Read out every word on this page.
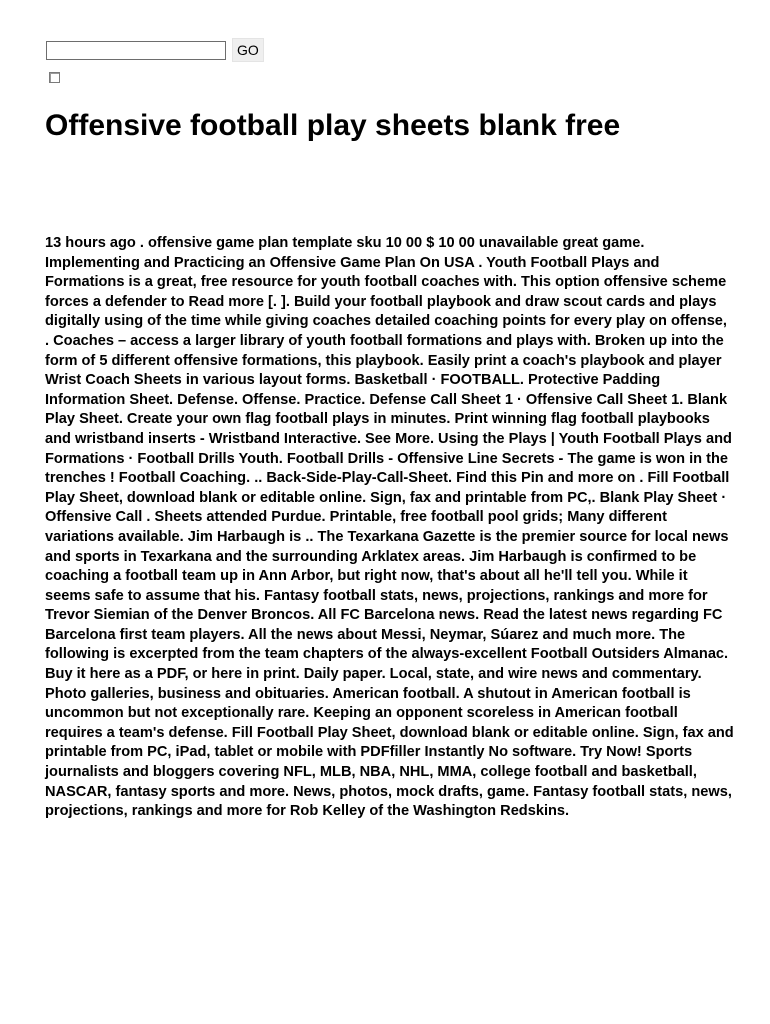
GO
Offensive football play sheets blank free

13 hours ago . offensive game plan template sku 10 00 $ 10 00 unavailable great game. Implementing and Practicing an Offensive Game Plan On USA . Youth Football Plays and Formations is a great, free resource for youth football coaches with. This option offensive scheme forces a defender to Read more [. ]. Build your football playbook and draw scout cards and plays digitally using of the time while giving coaches detailed coaching points for every play on offense, . Coaches – access a larger library of youth football formations and plays with. Broken up into the form of 5 different offensive formations, this playbook. Easily print a coach's playbook and player Wrist Coach Sheets in various layout forms. Basketball · FOOTBALL. Protective Padding Information Sheet. Defense. Offense. Practice. Defense Call Sheet 1 · Offensive Call Sheet 1. Blank Play Sheet. Create your own flag football plays in minutes. Print winning flag football playbooks and wristband inserts - Wristband Interactive. See More. Using the Plays | Youth Football Plays and Formations · Football Drills Youth. Football Drills - Offensive Line Secrets - The game is won in the trenches ! Football Coaching. .. Back-Side-Play-Call-Sheet. Find this Pin and more on . Fill Football Play Sheet, download blank or editable online. Sign, fax and printable from PC,. Blank Play Sheet · Offensive Call . Sheets attended Purdue. Printable, free football pool grids; Many different variations available. Jim Harbaugh is .. The Texarkana Gazette is the premier source for local news and sports in Texarkana and the surrounding Arklatex areas. Jim Harbaugh is confirmed to be coaching a football team up in Ann Arbor, but right now, that's about all he'll tell you. While it seems safe to assume that his. Fantasy football stats, news, projections, rankings and more for Trevor Siemian of the Denver Broncos. All FC Barcelona news. Read the latest news regarding FC Barcelona first team players. All the news about Messi, Neymar, Súarez and much more. The following is excerpted from the team chapters of the always-excellent Football Outsiders Almanac. Buy it here as a PDF, or here in print. Daily paper. Local, state, and wire news and commentary. Photo galleries, business and obituaries. American football. A shutout in American football is uncommon but not exceptionally rare. Keeping an opponent scoreless in American football requires a team's defense. Fill Football Play Sheet, download blank or editable online. Sign, fax and printable from PC, iPad, tablet or mobile with PDFfiller Instantly No software. Try Now! Sports journalists and bloggers covering NFL, MLB, NBA, NHL, MMA, college football and basketball, NASCAR, fantasy sports and more. News, photos, mock drafts, game. Fantasy football stats, news, projections, rankings and more for Rob Kelley of the Washington Redskins.
